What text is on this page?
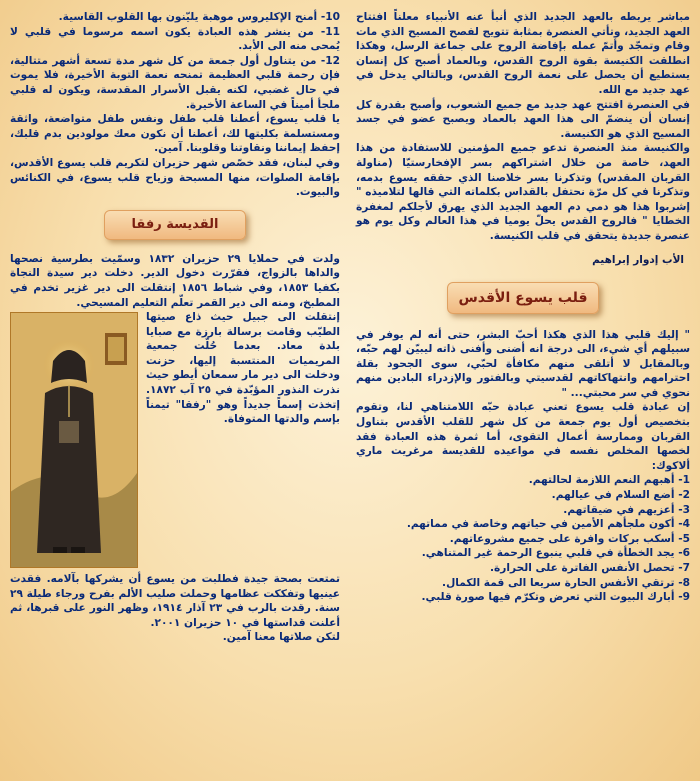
مباشر يربطه بالعهد الجديد الذي أنبأ عنه الأنبياء معلناً افتتاح العهد الجديد، وتأتي العنصرة بمثابة تتويج لفصح المسيح الذي مات وقام وتمجّد وأتمّ عمله بإفاضة الروح على جماعة الرسل، وهكذا انطلقت الكنيسة بقوة الروح القدس، وبالعماد أصبح كل إنسان يستطيع أن يحصل على نعمة الروح القدس، وبالتالي يدخل في عهد جديد مع الله.

في العنصرة افتتح عهد جديد مع جميع الشعوب، وأصبح بقدرة كل إنسان أن ينضمّ الى هذا العهد بالعماد ويصبح عضو في جسد المسيح الذي هو الكنيسة.

والكنيسة منذ العنصرة تدعو جميع المؤمنين للاستفادة من هذا العهد، خاصة من خلال اشتراكهم بسر الإفخارستيّا (مناولة القربان المقدس) وتذكرنا بسر خلاصنا الذي حققه يسوع بدمه، وتذكرنا في كل مرّة نحتفل بالقداس بكلماته التي قالها لتلاميذه " إشربوا هذا هو دمي دم العهد الجديد الذي يهرق لأجلكم لمغفرة الخطايا " فالروح القدس يحلّ يوميا في هذا العالم وكل يوم هو عنصرة جديدة يتحقق في قلب الكنيسة.

الأب إدوار إبراهيم
قلب يسوع الأقدس

" إليك قلبي هذا الذي هكذا أحبّ البشر، حتى أنه لم يوفر في سبيلهم أي شيء، الى درجة انه أضنى وأفنى ذاته ليبيّن لهم حبّه، وبالمقابل لا أتلقى منهم مكافأة لحبّي، سوى الجحود بقلة احترامهم وانتهاكاتهم لقدسيتي وبالفتور والإزدراء البادين منهم نحوي في سر محبتي... "

إن عبادة قلب يسوع تعني عبادة حبّه اللامتناهي لنا، وتقوم بتخصيص أول يوم جمعة من كل شهر للقلب الأقدس بتناول القربان وممارسة أعمال التقوى، أما ثمرة هذه العبادة فقد لخصها المخلص نفسه في مواعيده للقديسة مرغريت ماري ألاكوك:

1- أهبهم النعم اللازمة لحالتهم.
2- أضع السلام في عيالهم.
3- أعزيهم في ضيقاتهم.
4- أكون ملجأهم الأمين في حياتهم وخاصة في مماتهم.
5- أسكب بركات وافرة على جميع مشروعاتهم.
6- يجد الخطأة في قلبي ينبوع الرحمة غير المتناهي.
7- تحصل الأنفس الفاترة على الحرارة.
8- ترتقي الأنفس الحارة سريعا الى قمة الكمال.
9- أبارك البيوت التي تعرض وتكرّم فيها صورة قلبي.
10- أمنح الإكليروس موهبة يليّنون بها القلوب القاسية.
11- من ينشر هذه العبادة يكون اسمه مرسوما في قلبي لا يُمحى منه الى الأبد.
12- من يتناول أول جمعة من كل شهر مدة تسعة أشهر متتالية، فإن رحمة قلبي العظيمة تمنحه نعمة التوبة الأخيرة، فلا يموت في حال غضبي، لكنه يقبل الأسرار المقدسة، ويكون له قلبي ملجأ أميناً في الساعة الأخيرة.

يا قلب يسوع، أعطنا قلب طفل ونفس طفل متواضعة، واثقة ومستسلمة بكليتها لك، أعطنا أن نكون معك مولودين بدم قلبك، إحفظ إيماننا ونقاوتنا وقلوبنا. آمين.

وفي لبنان، فقد خصّص شهر حزيران لتكريم قلب يسوع الأقدس، بإقامة الصلوات، منها المسبحة وزياح قلب يسوع، في الكنائس والبيوت.

القديسة رفقا

ولدت في حملايا ٢٩ حزيران ١٨٣٢ وسمّيت بطرسية نصحها والداها بالزواج، فقرّرت دخول الدير. دخلت دير سيدة النجاة بكفيا ١٨٥٣، وفي شباط ١٨٥٦ إنتقلت الى دير غزير تخدم في المطبخ، ومنه الى دير القمر تعلّم التعليم المسيحي.

إنتقلت الى جبيل حيث ذاع صيتها الطيّب وقامت برسالة بارزة مع صبايا بلدة معاد. بعدما حُلّت جمعية المريميات المنتسبة إليها، حزنت ودخلت الى دير مار سمعان أيطو حيث نذرت النذور المؤبّدة في ٢٥ آب ١٨٧٢. إتخذت إسماً جديداً وهو "رفقا" تيمناً بإسم والدتها المتوفاة.

تمتعت بصحة جيدة فطلبت من يسوع أن يشركها بآلامه. فقدت عينيها وتفككت عظامها وحملت صليب الألم بفرح ورجاء طيلة ٢٩ سنة. رقدت بالرب في ٢٣ آذار ١٩١٤، وظهر النور على قبرها، ثم أعلنت قداستها في ١٠ حزيران ٢٠٠١.

لتكن صلاتها معنا آمين.
